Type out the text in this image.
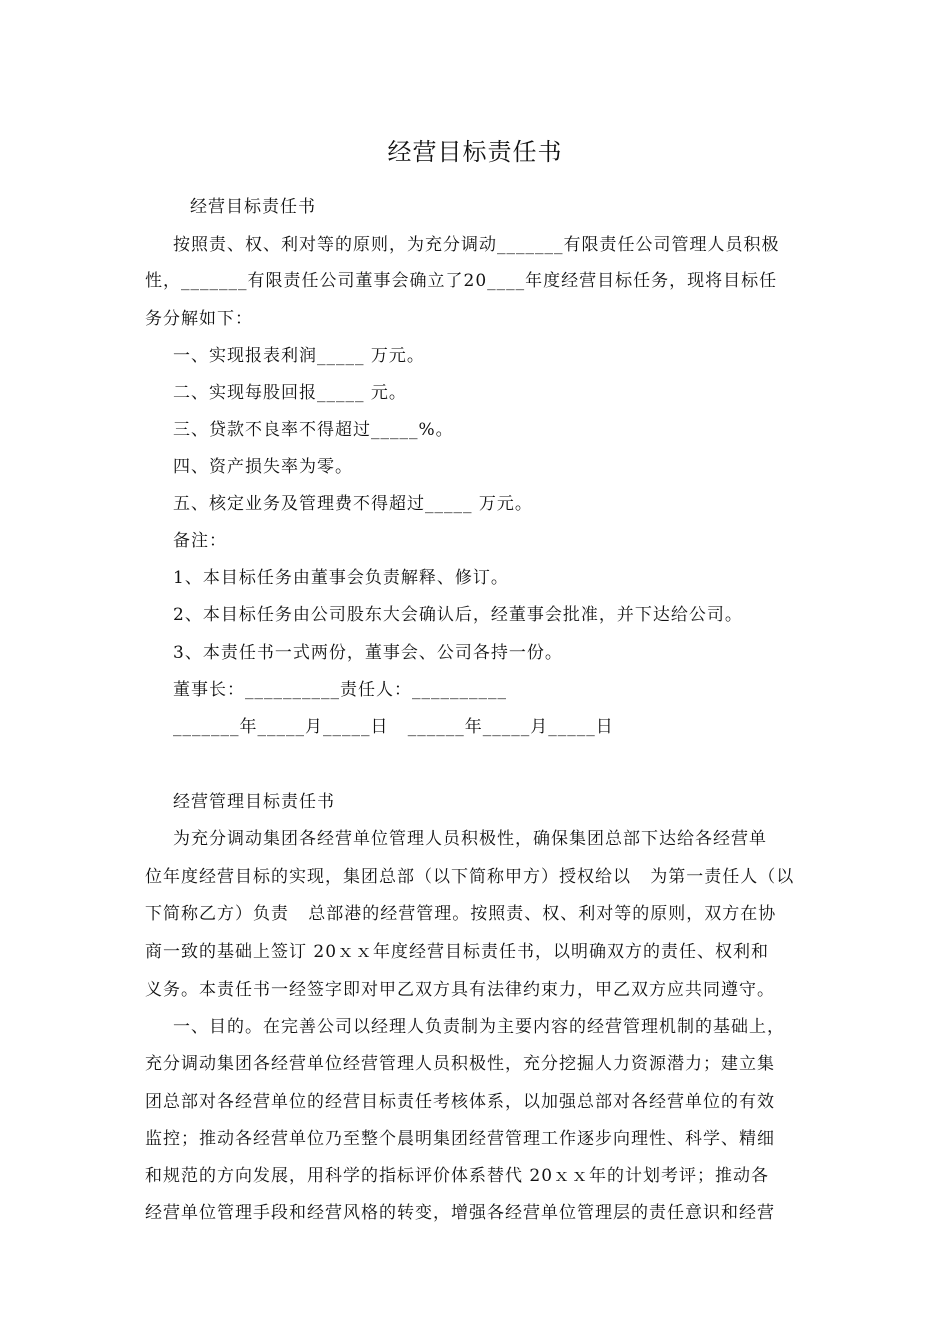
经营目标责任书
经营目标责任书
按照责、权、利对等的原则，为充分调动_______有限责任公司管理人员积极
性，_______有限责任公司董事会确立了20____年度经营目标任务，现将目标任
务分解如下：
一、实现报表利润_____ 万元。
二、实现每股回报_____ 元。
三、贷款不良率不得超过_____%。
四、资产损失率为零。
五、核定业务及管理费不得超过_____ 万元。
备注：
1、本目标任务由董事会负责解释、修订。
2、本目标任务由公司股东大会确认后，经董事会批准，并下达给公司。
3、本责任书一式两份，董事会、公司各持一份。
董事长：__________责任人：__________
_______年_____月_____日   ______年_____月_____日
经营管理目标责任书
为充分调动集团各经营单位管理人员积极性，确保集团总部下达给各经营单
位年度经营目标的实现，集团总部（以下简称甲方）授权给以   为第一责任人（以
下简称乙方）负责   总部港的经营管理。按照责、权、利对等的原则，双方在协
商一致的基础上签订 20ｘｘ年度经营目标责任书，以明确双方的责任、权利和
义务。本责任书一经签字即对甲乙双方具有法律约束力，甲乙双方应共同遵守。
一、目的。在完善公司以经理人负责制为主要内容的经营管理机制的基础上，
充分调动集团各经营单位经营管理人员积极性，充分挖掘人力资源潜力；建立集
团总部对各经营单位的经营目标责任考核体系，以加强总部对各经营单位的有效
监控；推动各经营单位乃至整个晨明集团经营管理工作逐步向理性、科学、精细
和规范的方向发展，用科学的指标评价体系替代 20ｘｘ年的计划考评；推动各
经营单位管理手段和经营风格的转变，增强各经营单位管理层的责任意识和经营
